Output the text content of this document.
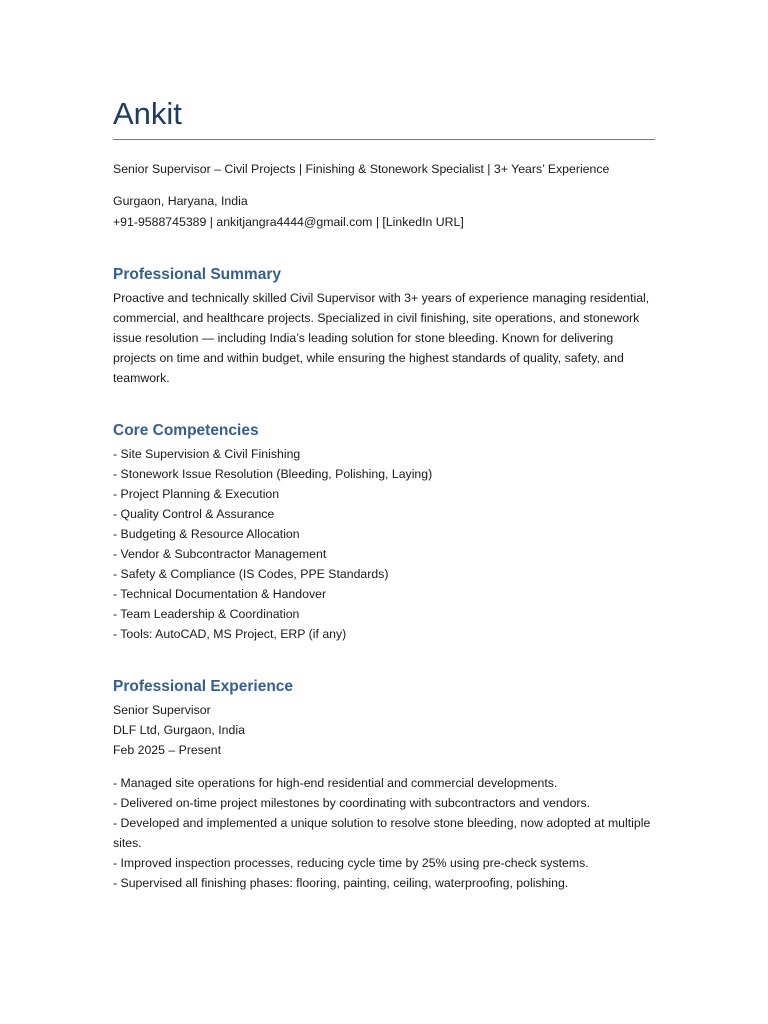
Ankit

Senior Supervisor – Civil Projects | Finishing & Stonework Specialist | 3+ Years’ Experience

Gurgaon, Haryana, India

+91-9588745389 | ankitjangra4444@gmail.com | [LinkedIn URL]

Professional Summary

Proactive and technically skilled Civil Supervisor with 3+ years of experience managing residential, commercial, and healthcare projects. Specialized in civil finishing, site operations, and stonework issue resolution — including India’s leading solution for stone bleeding. Known for delivering projects on time and within budget, while ensuring the highest standards of quality, safety, and teamwork.

Core Competencies
- Site Supervision & Civil Finishing
- Stonework Issue Resolution (Bleeding, Polishing, Laying)
- Project Planning & Execution
- Quality Control & Assurance
- Budgeting & Resource Allocation
- Vendor & Subcontractor Management
- Safety & Compliance (IS Codes, PPE Standards)
- Technical Documentation & Handover
- Team Leadership & Coordination
- Tools: AutoCAD, MS Project, ERP (if any)
Professional Experience

Senior Supervisor

DLF Ltd, Gurgaon, India

Feb 2025 – Present

- Managed site operations for high-end residential and commercial developments.
- Delivered on-time project milestones by coordinating with subcontractors and vendors.
- Developed and implemented a unique solution to resolve stone bleeding, now adopted at multiple sites.
- Improved inspection processes, reducing cycle time by 25% using pre-check systems.
- Supervised all finishing phases: flooring, painting, ceiling, waterproofing, polishing.
